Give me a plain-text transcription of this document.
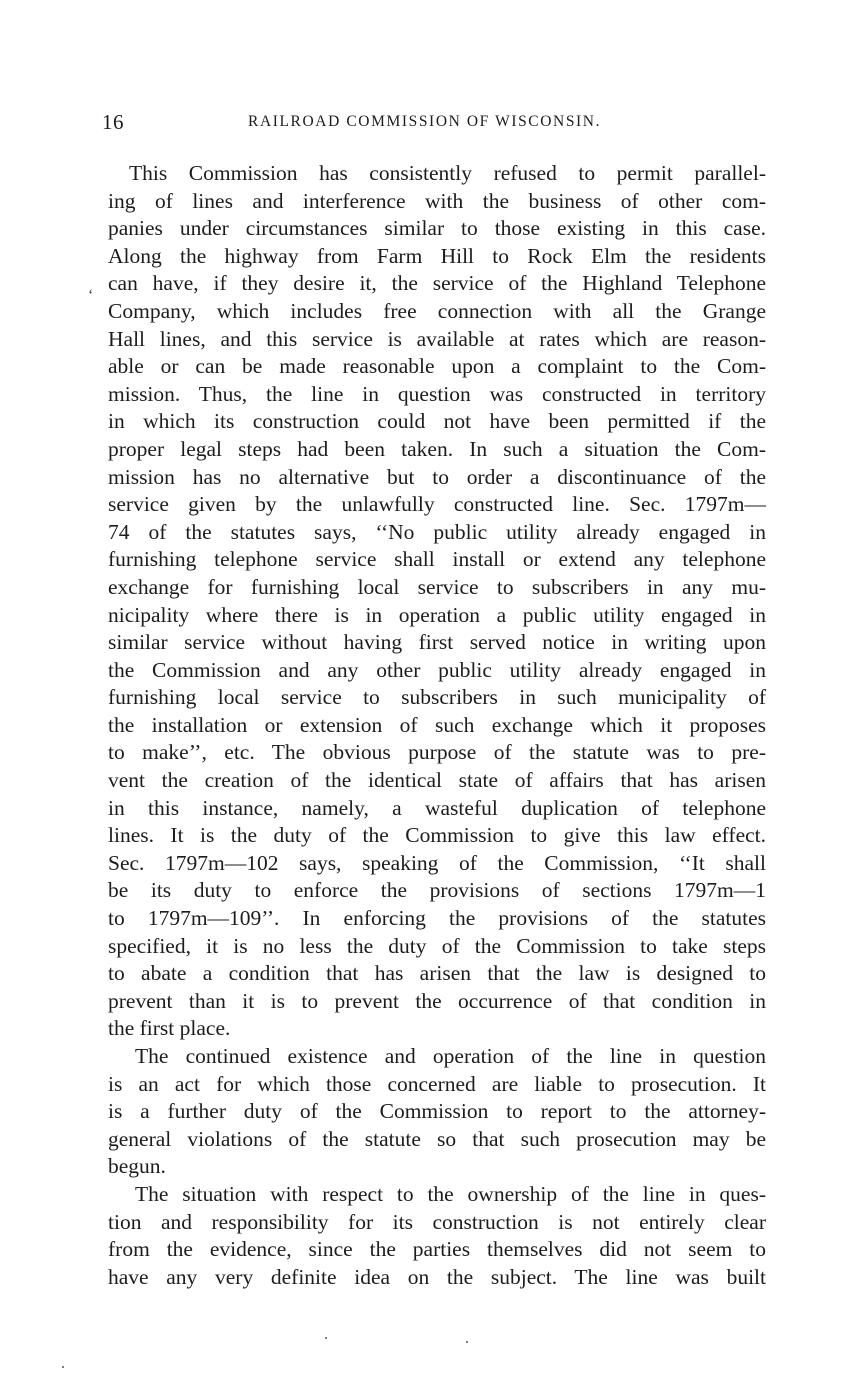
16	RAILROAD COMMISSION OF WISCONSIN.
‘
This Commission has consistently refused to permit parallel-
ing of lines and interference with the business of other com-
panies under circumstances similar to those existing in this case.
Along the highway from Farm Hill to Rock Elm the residents
can have, if they desire it, the service of the Highland Telephone
Company, which includes free connection with all the Grange
Hall lines, and this service is available at rates which are reason-
able or can be made reasonable upon a complaint to the Com-
mission. Thus, the line in question was constructed in territory
in which its construction could not have been permitted if the
proper legal steps had been taken. In such a situation the Com-
mission has no alternative but to order a discontinuance of the
service given by the unlawfully constructed line. Sec. 1797m—
74 of the statutes says, ‘‘No public utility already engaged in
furnishing telephone service shall install or extend any telephone
exchange for furnishing local service to subscribers in any mu-
nicipality where there is in operation a public utility engaged in
similar service without having first served notice in writing upon
the Commission and any other public utility already engaged in
furnishing local service to subscribers in such municipality of
the installation or extension of such exchange which it proposes
to make’’, etc. The obvious purpose of the statute was to pre-
vent the creation of the identical state of affairs that has arisen
in this instance, namely, a wasteful duplication of telephone
lines. It is the duty of the Commission to give this law effect.
Sec. 1797m—102 says, speaking of the Commission, ‘‘It shall
be its duty to enforce the provisions of sections 1797m—1
to 1797m—109’’. In enforcing the provisions of the statutes
specified, it is no less the duty of the Commission to take steps
to abate a condition that has arisen that the law is designed to
prevent than it is to prevent the occurrence of that condition in
the first place.
The continued existence and operation of the line in question
is an act for which those concerned are liable to prosecution. It
is a further duty of the Commission to report to the attorney-
general violations of the statute so that such prosecution may be
begun.
The situation with respect to the ownership of the line in ques-
tion and responsibility for its construction is not entirely clear
from the evidence, since the parties themselves did not seem to
have any very definite idea on the subject. The line was built
